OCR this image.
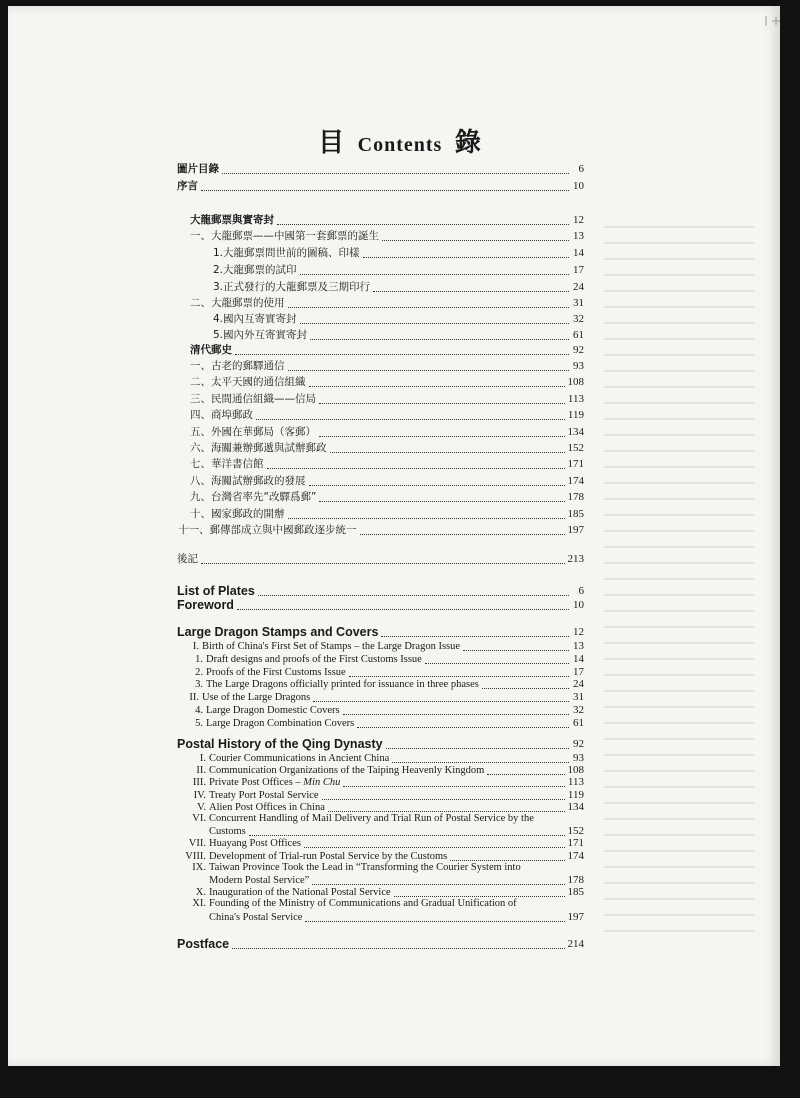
目 Contents 錄
圖片目錄	6
序言	10
大龍郵票與實寄封	12
一、大龍郵票——中國第一套郵票的誕生	13
1.大龍郵票問世前的圖稿、印樣	14
2.大龍郵票的試印	17
3.正式發行的大龍郵票及三期印行	24
二、大龍郵票的使用	31
4.國內互寄實寄封	32
5.國內外互寄實寄封	61
清代郵史	92
一、古老的郵驛通信	93
二、太平天國的通信組織	108
三、民間通信組織——信局	113
四、商埠郵政	119
五、外國在華郵局（客郵）	134
六、海關兼辦郵遞與試辦郵政	152
七、華洋書信館	171
八、海關試辦郵政的發展	174
九、台灣省率先“改驛爲郵”	178
十、國家郵政的開辦	185
十一、郵傳部成立與中國郵政逐步統一	197
後記	213
List of Plates	6
Foreword	10
Large Dragon Stamps and Covers	12
I. Birth of China's First Set of Stamps – the Large Dragon Issue	13
1. Draft designs and proofs of the First Customs Issue	14
2. Proofs of the First Customs Issue	17
3. The Large Dragons officially printed for issuance in three phases	24
II. Use of the Large Dragons	31
4. Large Dragon Domestic Covers	32
5. Large Dragon Combination Covers	61
Postal History of the Qing Dynasty	92
I. Courier Communications in Ancient China	93
II. Communication Organizations of the Taiping Heavenly Kingdom	108
III. Private Post Offices – Min Chu	113
IV. Treaty Port Postal Service	119
V. Alien Post Offices in China	134
VI. Concurrent Handling of Mail Delivery and Trial Run of Postal Service by the
Customs	152
VII. Huayang Post Offices	171
VIII. Development of Trial-run Postal Service by the Customs	174
IX. Taiwan Province Took the Lead in “Transforming the Courier System into
Modern Postal Service”	178
X. Inauguration of the National Postal Service	185
XI. Founding of the Ministry of Communications and Gradual Unification of
China's Postal Service	197
Postface	214
